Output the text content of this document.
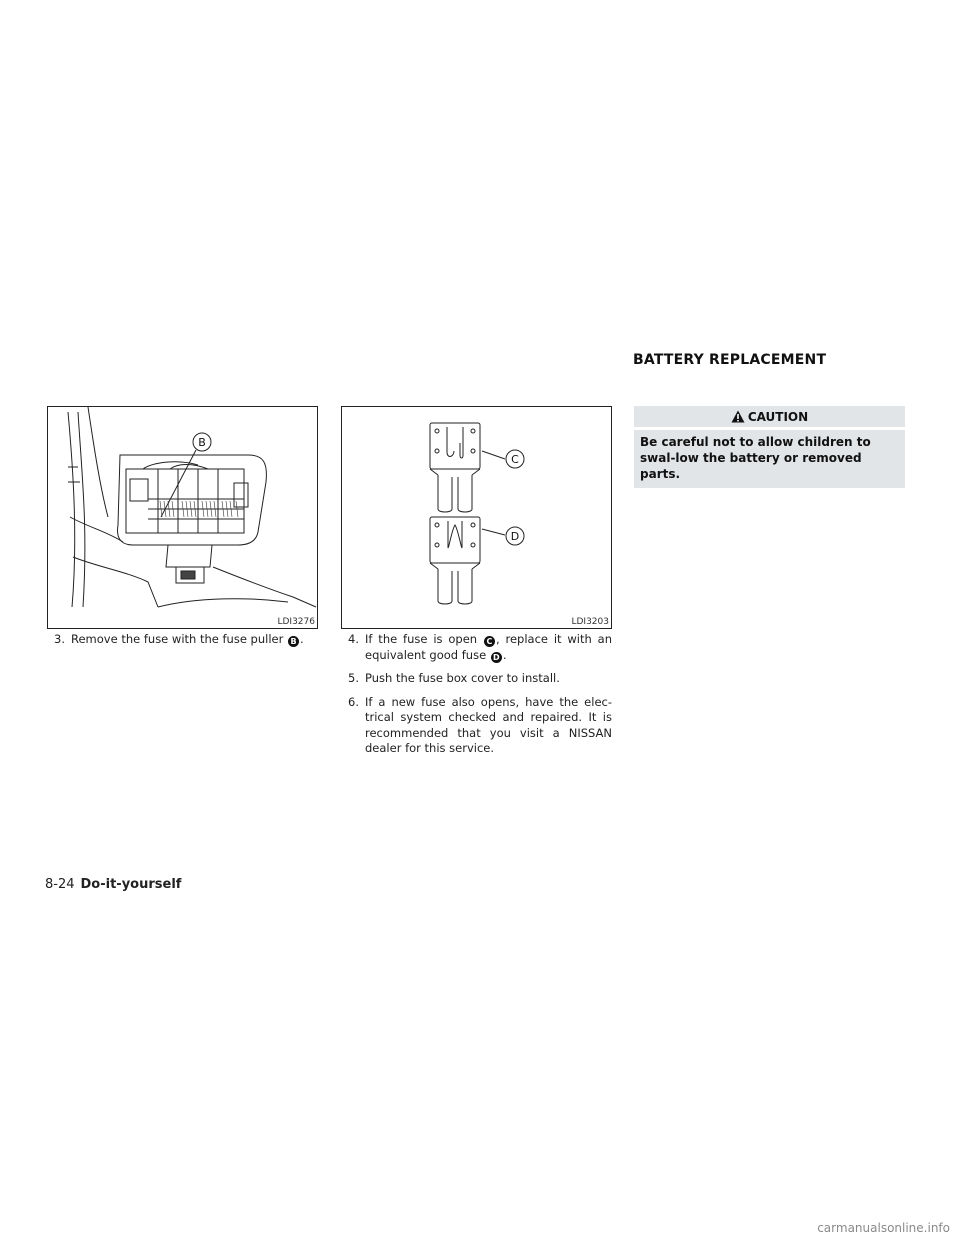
BATTERY REPLACEMENT
B
LDI3276
C
D
LDI3203
CAUTION
Be careful not to allow children to swal-low the battery or removed parts.
3. Remove the fuse with the fuse puller B .	4. If the fuse is open C , replace it with an equivalent good fuse D .
5. Push the fuse box cover to install.
6. If a new fuse also opens, have the elec-trical system checked and repaired. It is recommended that you visit a NISSAN dealer for this service.
8-24 Do-it-yourself
carmanualsonline.info
